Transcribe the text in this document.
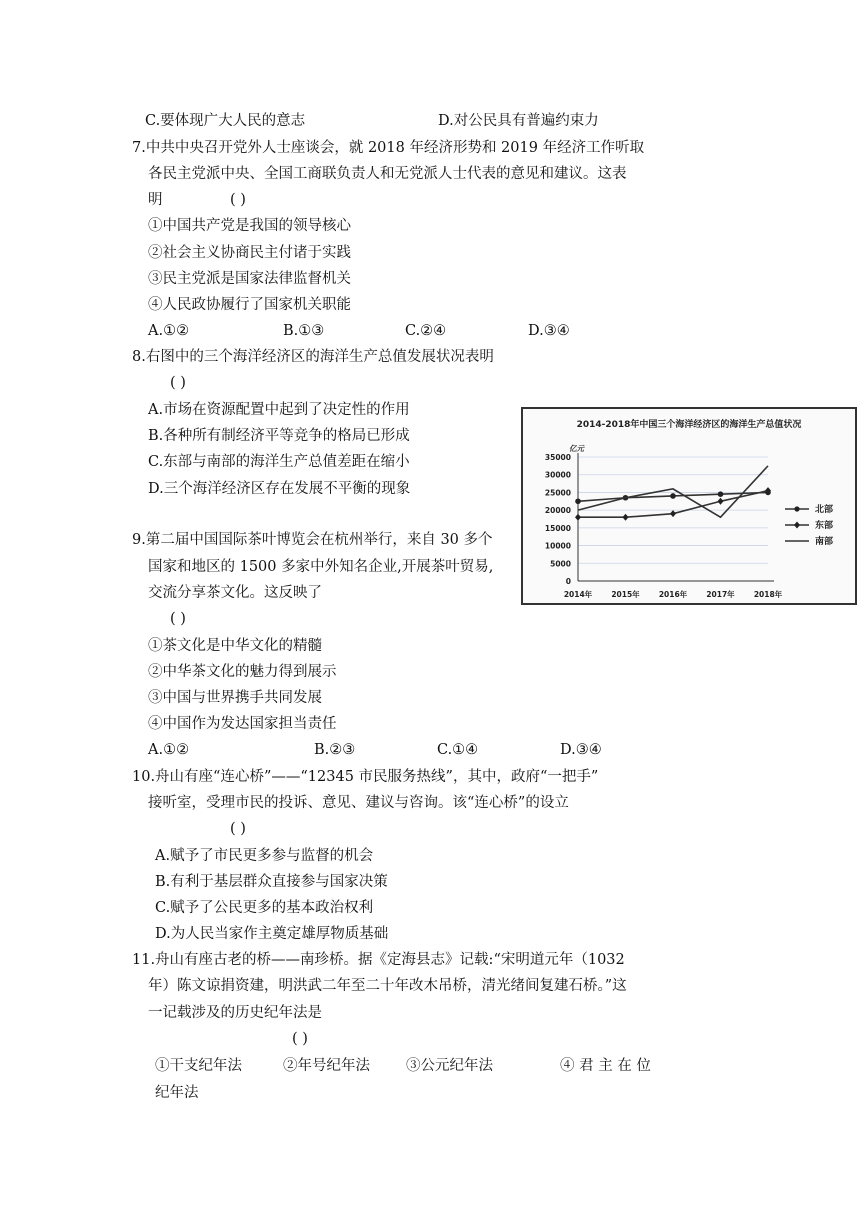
C.要体现广大人民的意志	D.对公民具有普遍约束力
7.中共中央召开党外人士座谈会，就 2018 年经济形势和 2019 年经济工作听取
各民主党派中央、全国工商联负责人和无党派人士代表的意见和建议。这表
明	( )
①中国共产党是我国的领导核心
②社会主义协商民主付诸于实践
③民主党派是国家法律监督机关
④人民政协履行了国家机关职能
A.①②	B.①③	C.②④	D.③④
8.右图中的三个海洋经济区的海洋生产总值发展状况表明
( )
A.市场在资源配置中起到了决定性的作用
B.各种所有制经济平等竞争的格局已形成
C.东部与南部的海洋生产总值差距在缩小
D.三个海洋经济区存在发展不平衡的现象
2014-2018年中国三个海洋经济区的海洋生产总值状况
亿元
35000
30000
25000
20000
15000
10000
5000
0
2014年	2015年	2016年	2017年	2018年
北部
东部
南部
9.第二届中国国际茶叶博览会在杭州举行，来自 30 多个
国家和地区的 1500 多家中外知名企业,开展茶叶贸易,
交流分享茶文化。这反映了
( )
①茶文化是中华文化的精髓
②中华茶文化的魅力得到展示
③中国与世界携手共同发展
④中国作为发达国家担当责任
A.①②	B.②③	C.①④	D.③④
10.舟山有座“连心桥”——“12345 市民服务热线”，其中，政府“一把手”
接听室，受理市民的投诉、意见、建议与咨询。该“连心桥”的设立
( )
A.赋予了市民更多参与监督的机会
B.有利于基层群众直接参与国家决策
C.赋予了公民更多的基本政治权利
D.为人民当家作主奠定雄厚物质基础
11.舟山有座古老的桥——南珍桥。据《定海县志》记载:“宋明道元年（1032
年）陈文谅捐资建，明洪武二年至二十年改木吊桥，清光绪间复建石桥。”这
一记载涉及的历史纪年法是
( )
①干支纪年法	②年号纪年法 ③公元纪年法	④ 君 主 在 位
纪年法
